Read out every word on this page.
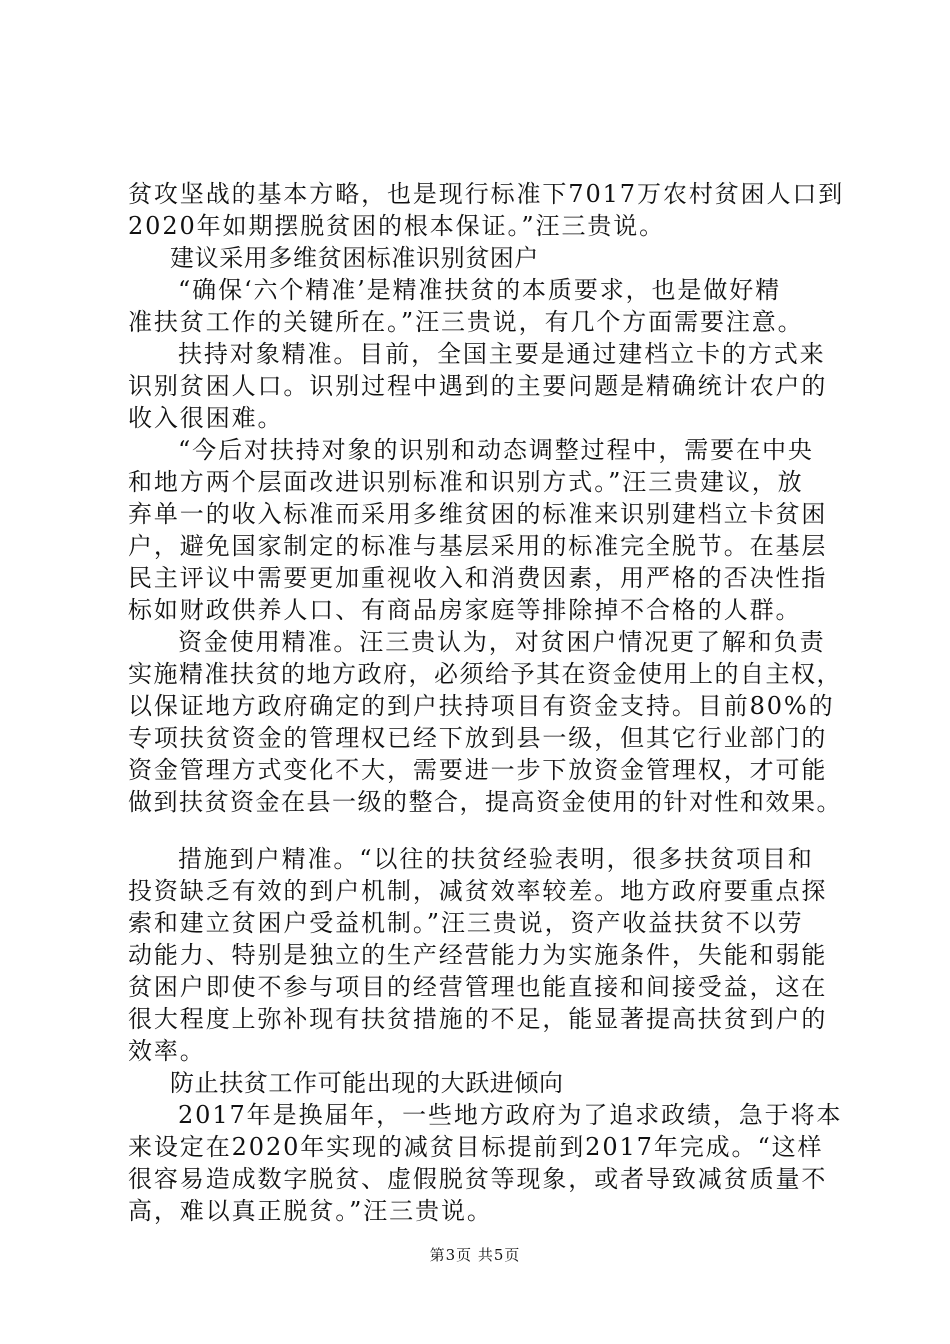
贫攻坚战的基本方略，也是现行标准下7017万农村贫困人口到
2020年如期摆脱贫困的根本保证。”汪三贵说。
建议采用多维贫困标准识别贫困户
“确保‘六个精准’是精准扶贫的本质要求，也是做好精
准扶贫工作的关键所在。”汪三贵说，有几个方面需要注意。
扶持对象精准。目前，全国主要是通过建档立卡的方式来
识别贫困人口。识别过程中遇到的主要问题是精确统计农户的
收入很困难。
“今后对扶持对象的识别和动态调整过程中，需要在中央
和地方两个层面改进识别标准和识别方式。”汪三贵建议，放
弃单一的收入标准而采用多维贫困的标准来识别建档立卡贫困
户，避免国家制定的标准与基层采用的标准完全脱节。在基层
民主评议中需要更加重视收入和消费因素，用严格的否决性指
标如财政供养人口、有商品房家庭等排除掉不合格的人群。
资金使用精准。汪三贵认为，对贫困户情况更了解和负责
实施精准扶贫的地方政府，必须给予其在资金使用上的自主权，
以保证地方政府确定的到户扶持项目有资金支持。目前80%的
专项扶贫资金的管理权已经下放到县一级，但其它行业部门的
资金管理方式变化不大，需要进一步下放资金管理权，才可能
做到扶贫资金在县一级的整合，提高资金使用的针对性和效果。
措施到户精准。“以往的扶贫经验表明，很多扶贫项目和
投资缺乏有效的到户机制，减贫效率较差。地方政府要重点探
索和建立贫困户受益机制。”汪三贵说，资产收益扶贫不以劳
动能力、特别是独立的生产经营能力为实施条件，失能和弱能
贫困户即使不参与项目的经营管理也能直接和间接受益，这在
很大程度上弥补现有扶贫措施的不足，能显著提高扶贫到户的
效率。
防止扶贫工作可能出现的大跃进倾向
2017年是换届年，一些地方政府为了追求政绩，急于将本
来设定在2020年实现的减贫目标提前到2017年完成。“这样
很容易造成数字脱贫、虚假脱贫等现象，或者导致减贫质量不
高，难以真正脱贫。”汪三贵说。
第3页 共5页
